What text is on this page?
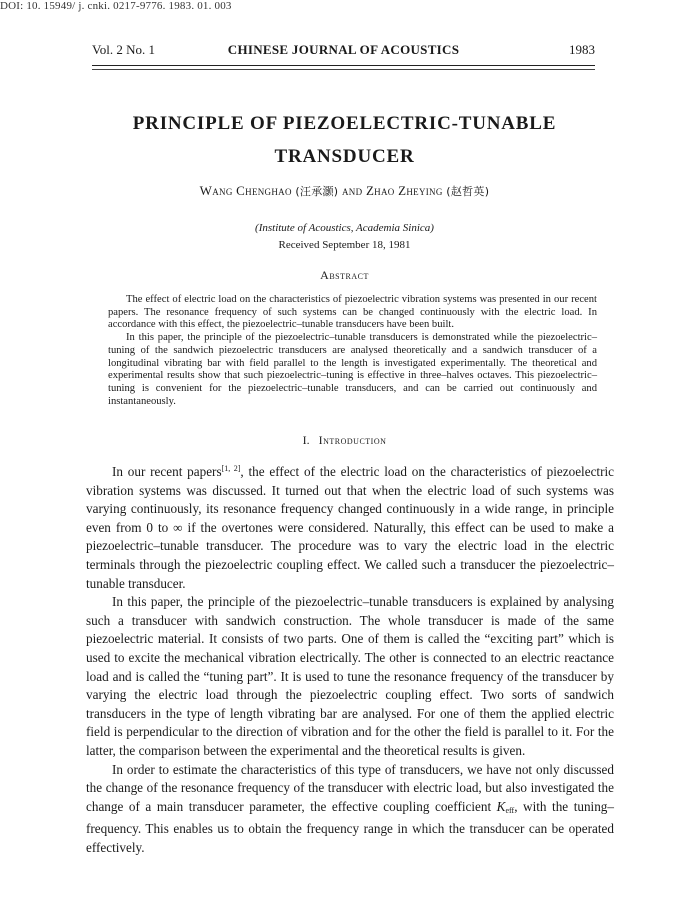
DOI: 10. 15949/ j. cnki. 0217-9776. 1983. 01. 003
Vol. 2 No. 1	CHINESE JOURNAL OF ACOUSTICS	1983
PRINCIPLE OF PIEZOELECTRIC-TUNABLE
TRANSDUCER
Wang Chenghao (汪承灏) and Zhao Zheying (赵哲英)
(Institute of Acoustics, Academia Sinica)
Received September 18, 1981
Abstract

The effect of electric load on the characteristics of piezoelectric vibration systems was presented in our recent papers. The resonance frequency of such systems can be changed continuously with the electric load. In accordance with this effect, the piezoelectric–tunable transducers have been built.

In this paper, the principle of the piezoelectric–tunable transducers is demonstrated while the piezoelectric–tuning of the sandwich piezoelectric transducers are analysed theoretically and a sandwich transducer of a longitudinal vibrating bar with field parallel to the length is investigated experimentally. The theoretical and experimental results show that such piezoelectric–tuning is effective in three–halves octaves. This piezoelectric–tuning is convenient for the piezoelectric–tunable transducers, and can be carried out continuously and instantaneously.

I. Introduction

In our recent papers[1, 2], the effect of the electric load on the characteristics of piezoelectric vibration systems was discussed. It turned out that when the electric load of such systems was varying continuously, its resonance frequency changed continuously in a wide range, in principle even from 0 to ∞ if the overtones were considered. Naturally, this effect can be used to make a piezoelectric–tunable transducer. The procedure was to vary the electric load in the electric terminals through the piezoelectric coupling effect. We called such a transducer the piezoelectric–tunable transducer.

In this paper, the principle of the piezoelectric–tunable transducers is explained by analysing such a transducer with sandwich construction. The whole transducer is made of the same piezoelectric material. It consists of two parts. One of them is called the “exciting part” which is used to excite the mechanical vibration electrically. The other is connected to an electric reactance load and is called the “tuning part”. It is used to tune the resonance frequency of the transducer by varying the electric load through the piezoelectric coupling effect. Two sorts of sandwich transducers in the type of length vibrating bar are analysed. For one of them the applied electric field is perpendicular to the direction of vibration and for the other the field is parallel to it. For the latter, the comparison between the experimental and the theoretical results is given.

In order to estimate the characteristics of this type of transducers, we have not only discussed the change of the resonance frequency of the transducer with electric load, but also investigated the change of a main transducer parameter, the effective coupling coefficient $K_{eff}$, with the tuning–frequency. This enables us to obtain the frequency range in which the transducer can be operated effectively.
